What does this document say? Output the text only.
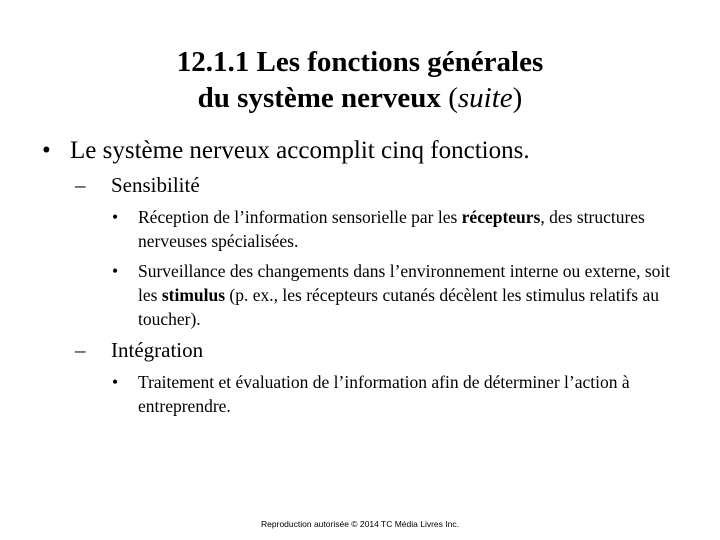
12.1.1 Les fonctions générales
du système nerveux (suite)
• Le système nerveux accomplit cinq fonctions.
– Sensibilité
• Réception de l’information sensorielle par les récepteurs, des structures nerveuses spécialisées.
• Surveillance des changements dans l’environnement interne ou externe, soit les stimulus (p. ex., les récepteurs cutanés décèlent les stimulus relatifs au toucher).
– Intégration
• Traitement et évaluation de l’information afin de déterminer l’action à entreprendre.
Reproduction autorisée © 2014 TC Média Livres Inc.
